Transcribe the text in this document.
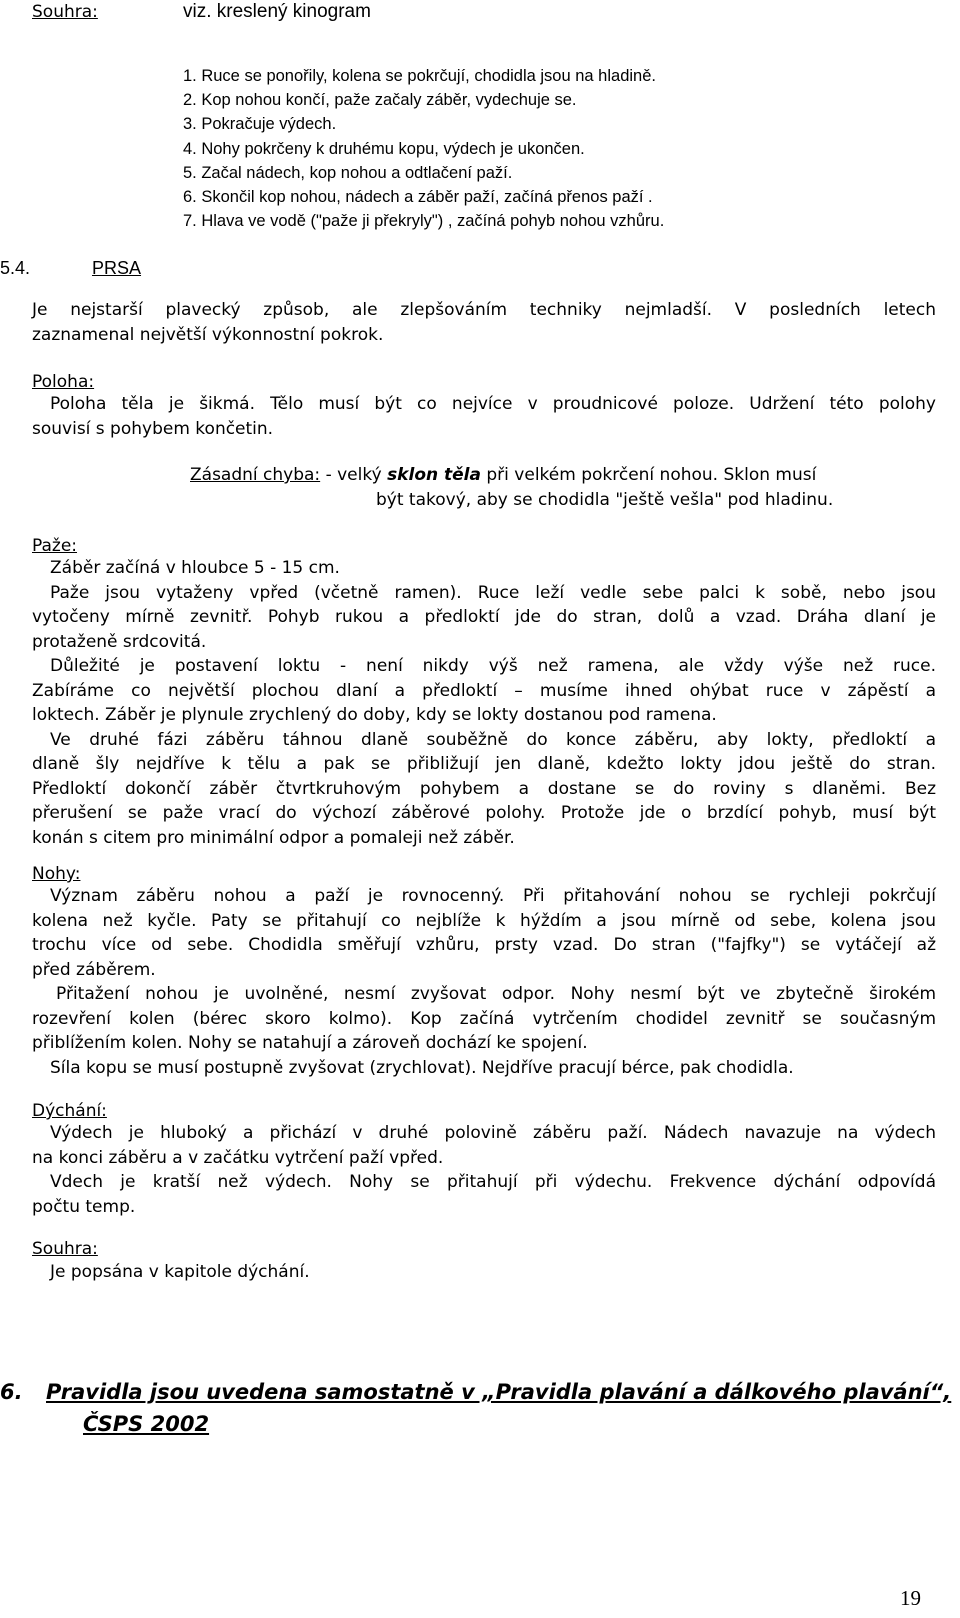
Souhra:	viz. kreslený kinogram
1. Ruce se ponořily, kolena se pokrčují, chodidla jsou na hladině.
2. Kop nohou končí, paže začaly záběr, vydechuje se.
3. Pokračuje výdech.
4. Nohy pokrčeny k druhému kopu, výdech je ukončen.
5. Začal nádech, kop nohou a odtlačení paží.
6. Skončil kop nohou, nádech a záběr paží, začíná přenos paží .
7. Hlava ve vodě ("paže ji překryly") , začíná pohyb nohou vzhůru.
5.4.	PRSA
Je nejstarší plavecký způsob, ale zlepšováním techniky nejmladší. V posledních letech
zaznamenal největší výkonnostní pokrok.
Poloha:
Poloha těla je šikmá. Tělo musí být co nejvíce v proudnicové poloze. Udržení této polohy
souvisí s pohybem končetin.
Zásadní chyba: - velký sklon těla při velkém pokrčení nohou. Sklon musí
být takový, aby se chodidla "ještě vešla" pod hladinu.
Paže:
Záběr začíná v hloubce 5 - 15 cm.
Paže jsou vytaženy vpřed (včetně ramen). Ruce leží vedle sebe palci k sobě, nebo jsou
vytočeny mírně zevnitř. Pohyb rukou a předloktí jde do stran, dolů a vzad. Dráha dlaní je
protaženě srdcovitá.
Důležité je postavení loktu - není nikdy výš než ramena, ale vždy výše než ruce.
Zabíráme co největší plochou dlaní a předloktí – musíme ihned ohýbat ruce v zápěstí a
loktech. Záběr je plynule zrychlený do doby, kdy se lokty dostanou pod ramena.
Ve druhé fázi záběru táhnou dlaně souběžně do konce záběru, aby lokty, předloktí a
dlaně šly nejdříve k tělu a pak se přibližují jen dlaně, kdežto lokty jdou ještě do stran.
Předloktí dokončí záběr čtvrtkruhovým pohybem a dostane se do roviny s dlaněmi. Bez
přerušení se paže vrací do výchozí záběrové polohy. Protože jde o brzdící pohyb, musí být
konán s citem pro minimální odpor a pomaleji než záběr.
Nohy:
Význam záběru nohou a paží je rovnocenný. Při přitahování nohou se rychleji pokrčují
kolena než kyčle. Paty se přitahují co nejblíže k hýždím a jsou mírně od sebe, kolena jsou
trochu více od sebe. Chodidla směřují vzhůru, prsty vzad. Do stran ("fajfky") se vytáčejí až
před záběrem.
Přitažení nohou je uvolněné, nesmí zvyšovat odpor. Nohy nesmí být ve zbytečně širokém
rozevření kolen (bérec skoro kolmo). Kop začíná vytrčením chodidel zevnitř se současným
přiblížením kolen. Nohy se natahují a zároveň dochází ke spojení.
Síla kopu se musí postupně zvyšovat (zrychlovat). Nejdříve pracují bérce, pak chodidla.
Dýchání:
Výdech je hluboký a přichází v druhé polovině záběru paží. Nádech navazuje na výdech
na konci záběru a v začátku vytrčení paží vpřed.
Vdech je kratší než výdech. Nohy se přitahují při výdechu. Frekvence dýchání odpovídá
počtu temp.
Souhra:
Je popsána v kapitole dýchání.
6. Pravidla jsou uvedena samostatně v „Pravidla plavání a dálkového plavání“,
ČSPS 2002
19
